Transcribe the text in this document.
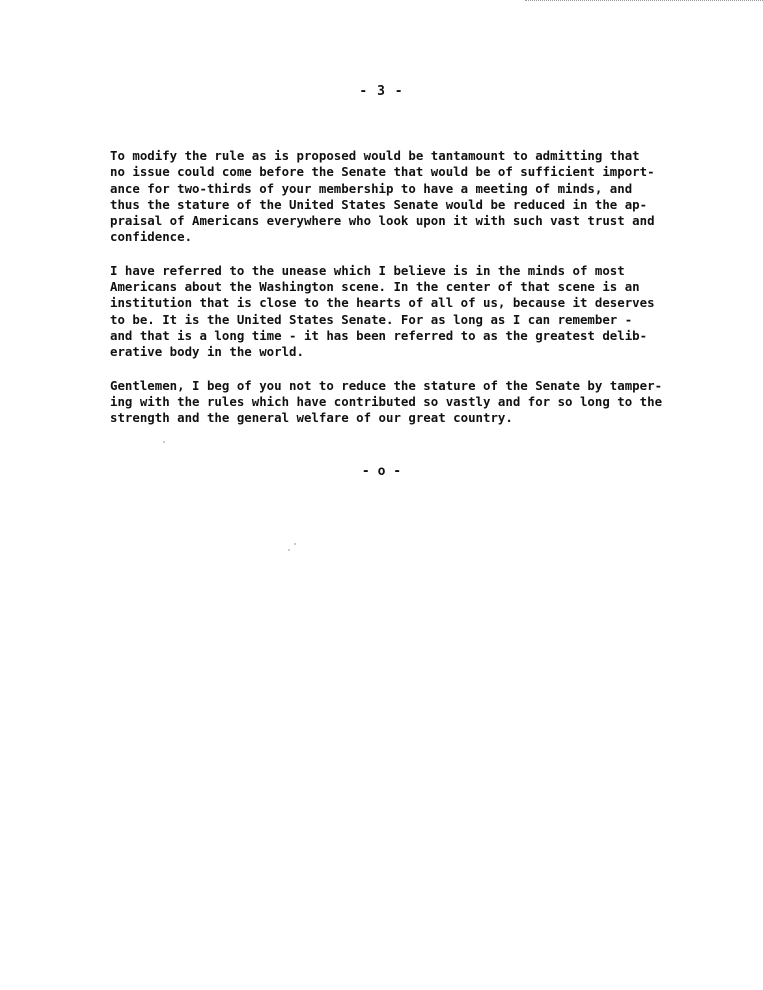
- 3 -

To modify the rule as is proposed would be tantamount to admitting that
no issue could come before the Senate that would be of sufficient import-
ance for two-thirds of your membership to have a meeting of minds, and
thus the stature of the United States Senate would be reduced in the ap-
praisal of Americans everywhere who look upon it with such vast trust and
confidence.

I have referred to the unease which I believe is in the minds of most
Americans about the Washington scene. In the center of that scene is an
institution that is close to the hearts of all of us, because it deserves
to be. It is the United States Senate. For as long as I can remember -
and that is a long time - it has been referred to as the greatest delib-
erative body in the world.

Gentlemen, I beg of you not to reduce the stature of the Senate by tamper-
ing with the rules which have contributed so vastly and for so long to the
strength and the general welfare of our great country.

- o -
